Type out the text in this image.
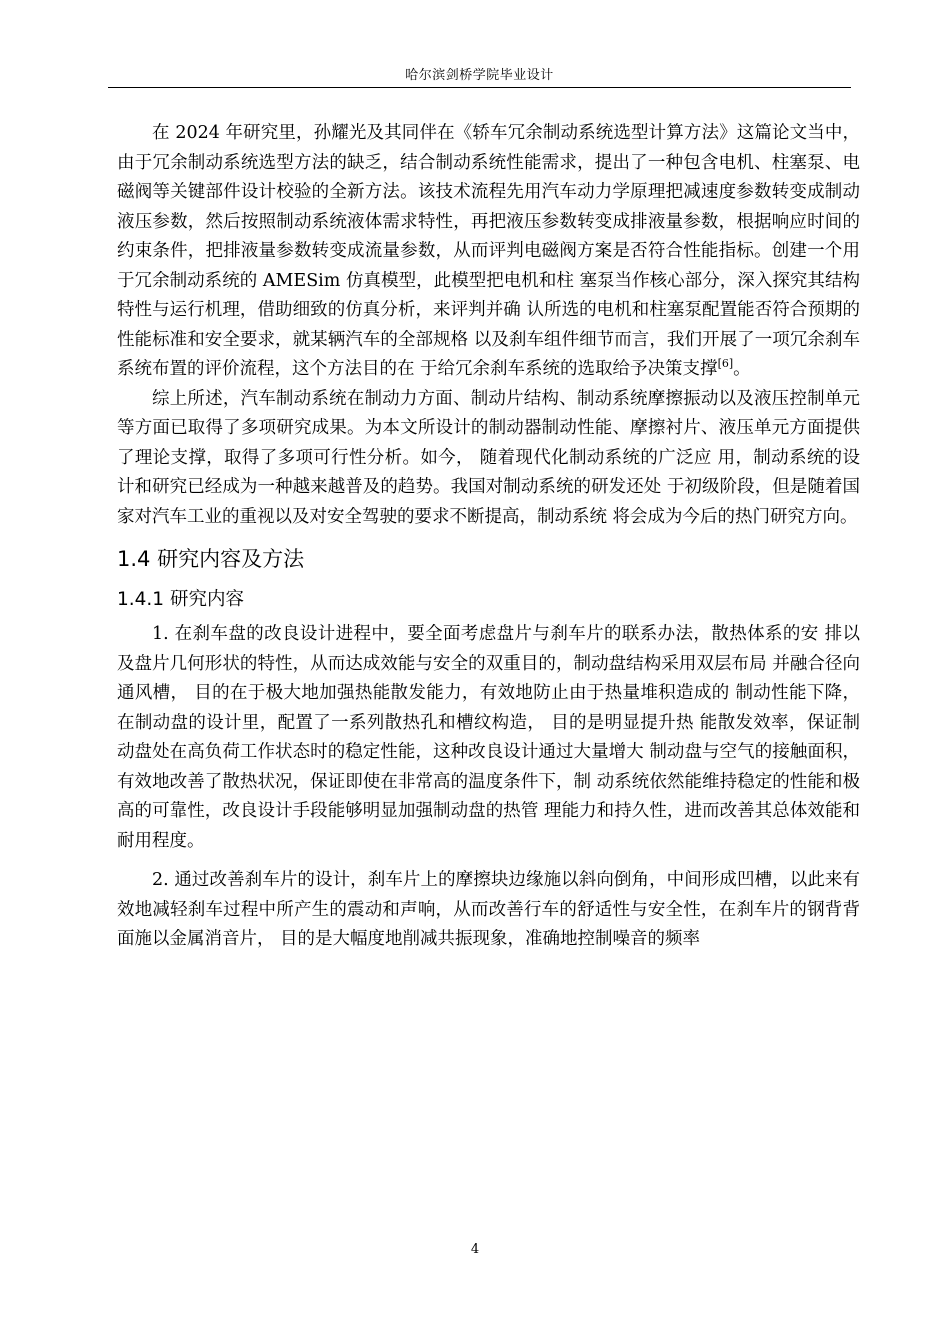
哈尔滨剑桥学院毕业设计

在 2024 年研究里，孙耀光及其同伴在《轿车冗余制动系统选型计算方法》这篇论文当中，由于冗余制动系统选型方法的缺乏，结合制动系统性能需求，提出了一种包含电机、柱塞泵、电磁阀等关键部件设计校验的全新方法。该技术流程先用汽车动力学原理把减速度参数转变成制动液压参数，然后按照制动系统液体需求特性，再把液压参数转变成排液量参数，根据响应时间的约束条件，把排液量参数转变成流量参数，从而评判电磁阀方案是否符合性能指标。创建一个用于冗余制动系统的 AMESim 仿真模型，此模型把电机和柱 塞泵当作核心部分，深入探究其结构特性与运行机理，借助细致的仿真分析，来评判并确 认所选的电机和柱塞泵配置能否符合预期的性能标准和安全要求，就某辆汽车的全部规格 以及刹车组件细节而言，我们开展了一项冗余刹车系统布置的评价流程，这个方法目的在 于给冗余刹车系统的选取给予决策支撑[6]。

综上所述，汽车制动系统在制动力方面、制动片结构、制动系统摩擦振动以及液压控制单元等方面已取得了多项研究成果。为本文所设计的制动器制动性能、摩擦衬片、液压单元方面提供了理论支撑，取得了多项可行性分析。如今， 随着现代化制动系统的广泛应 用，制动系统的设计和研究已经成为一种越来越普及的趋势。我国对制动系统的研发还处 于初级阶段，但是随着国家对汽车工业的重视以及对安全驾驶的要求不断提高，制动系统 将会成为今后的热门研究方向。

1.4 研究内容及方法
1.4.1 研究内容

1. 在刹车盘的改良设计进程中，要全面考虑盘片与刹车片的联系办法，散热体系的安 排以及盘片几何形状的特性，从而达成效能与安全的双重目的，制动盘结构采用双层布局 并融合径向通风槽， 目的在于极大地加强热能散发能力，有效地防止由于热量堆积造成的 制动性能下降，在制动盘的设计里，配置了一系列散热孔和槽纹构造， 目的是明显提升热 能散发效率，保证制动盘处在高负荷工作状态时的稳定性能，这种改良设计通过大量增大 制动盘与空气的接触面积，有效地改善了散热状况，保证即使在非常高的温度条件下，制 动系统依然能维持稳定的性能和极高的可靠性，改良设计手段能够明显加强制动盘的热管 理能力和持久性，进而改善其总体效能和耐用程度。

2. 通过改善刹车片的设计，刹车片上的摩擦块边缘施以斜向倒角，中间形成凹槽，以此来有效地减轻刹车过程中所产生的震动和声响，从而改善行车的舒适性与安全性，在刹车片的钢背背面施以金属消音片， 目的是大幅度地削减共振现象，准确地控制噪音的频率

4
